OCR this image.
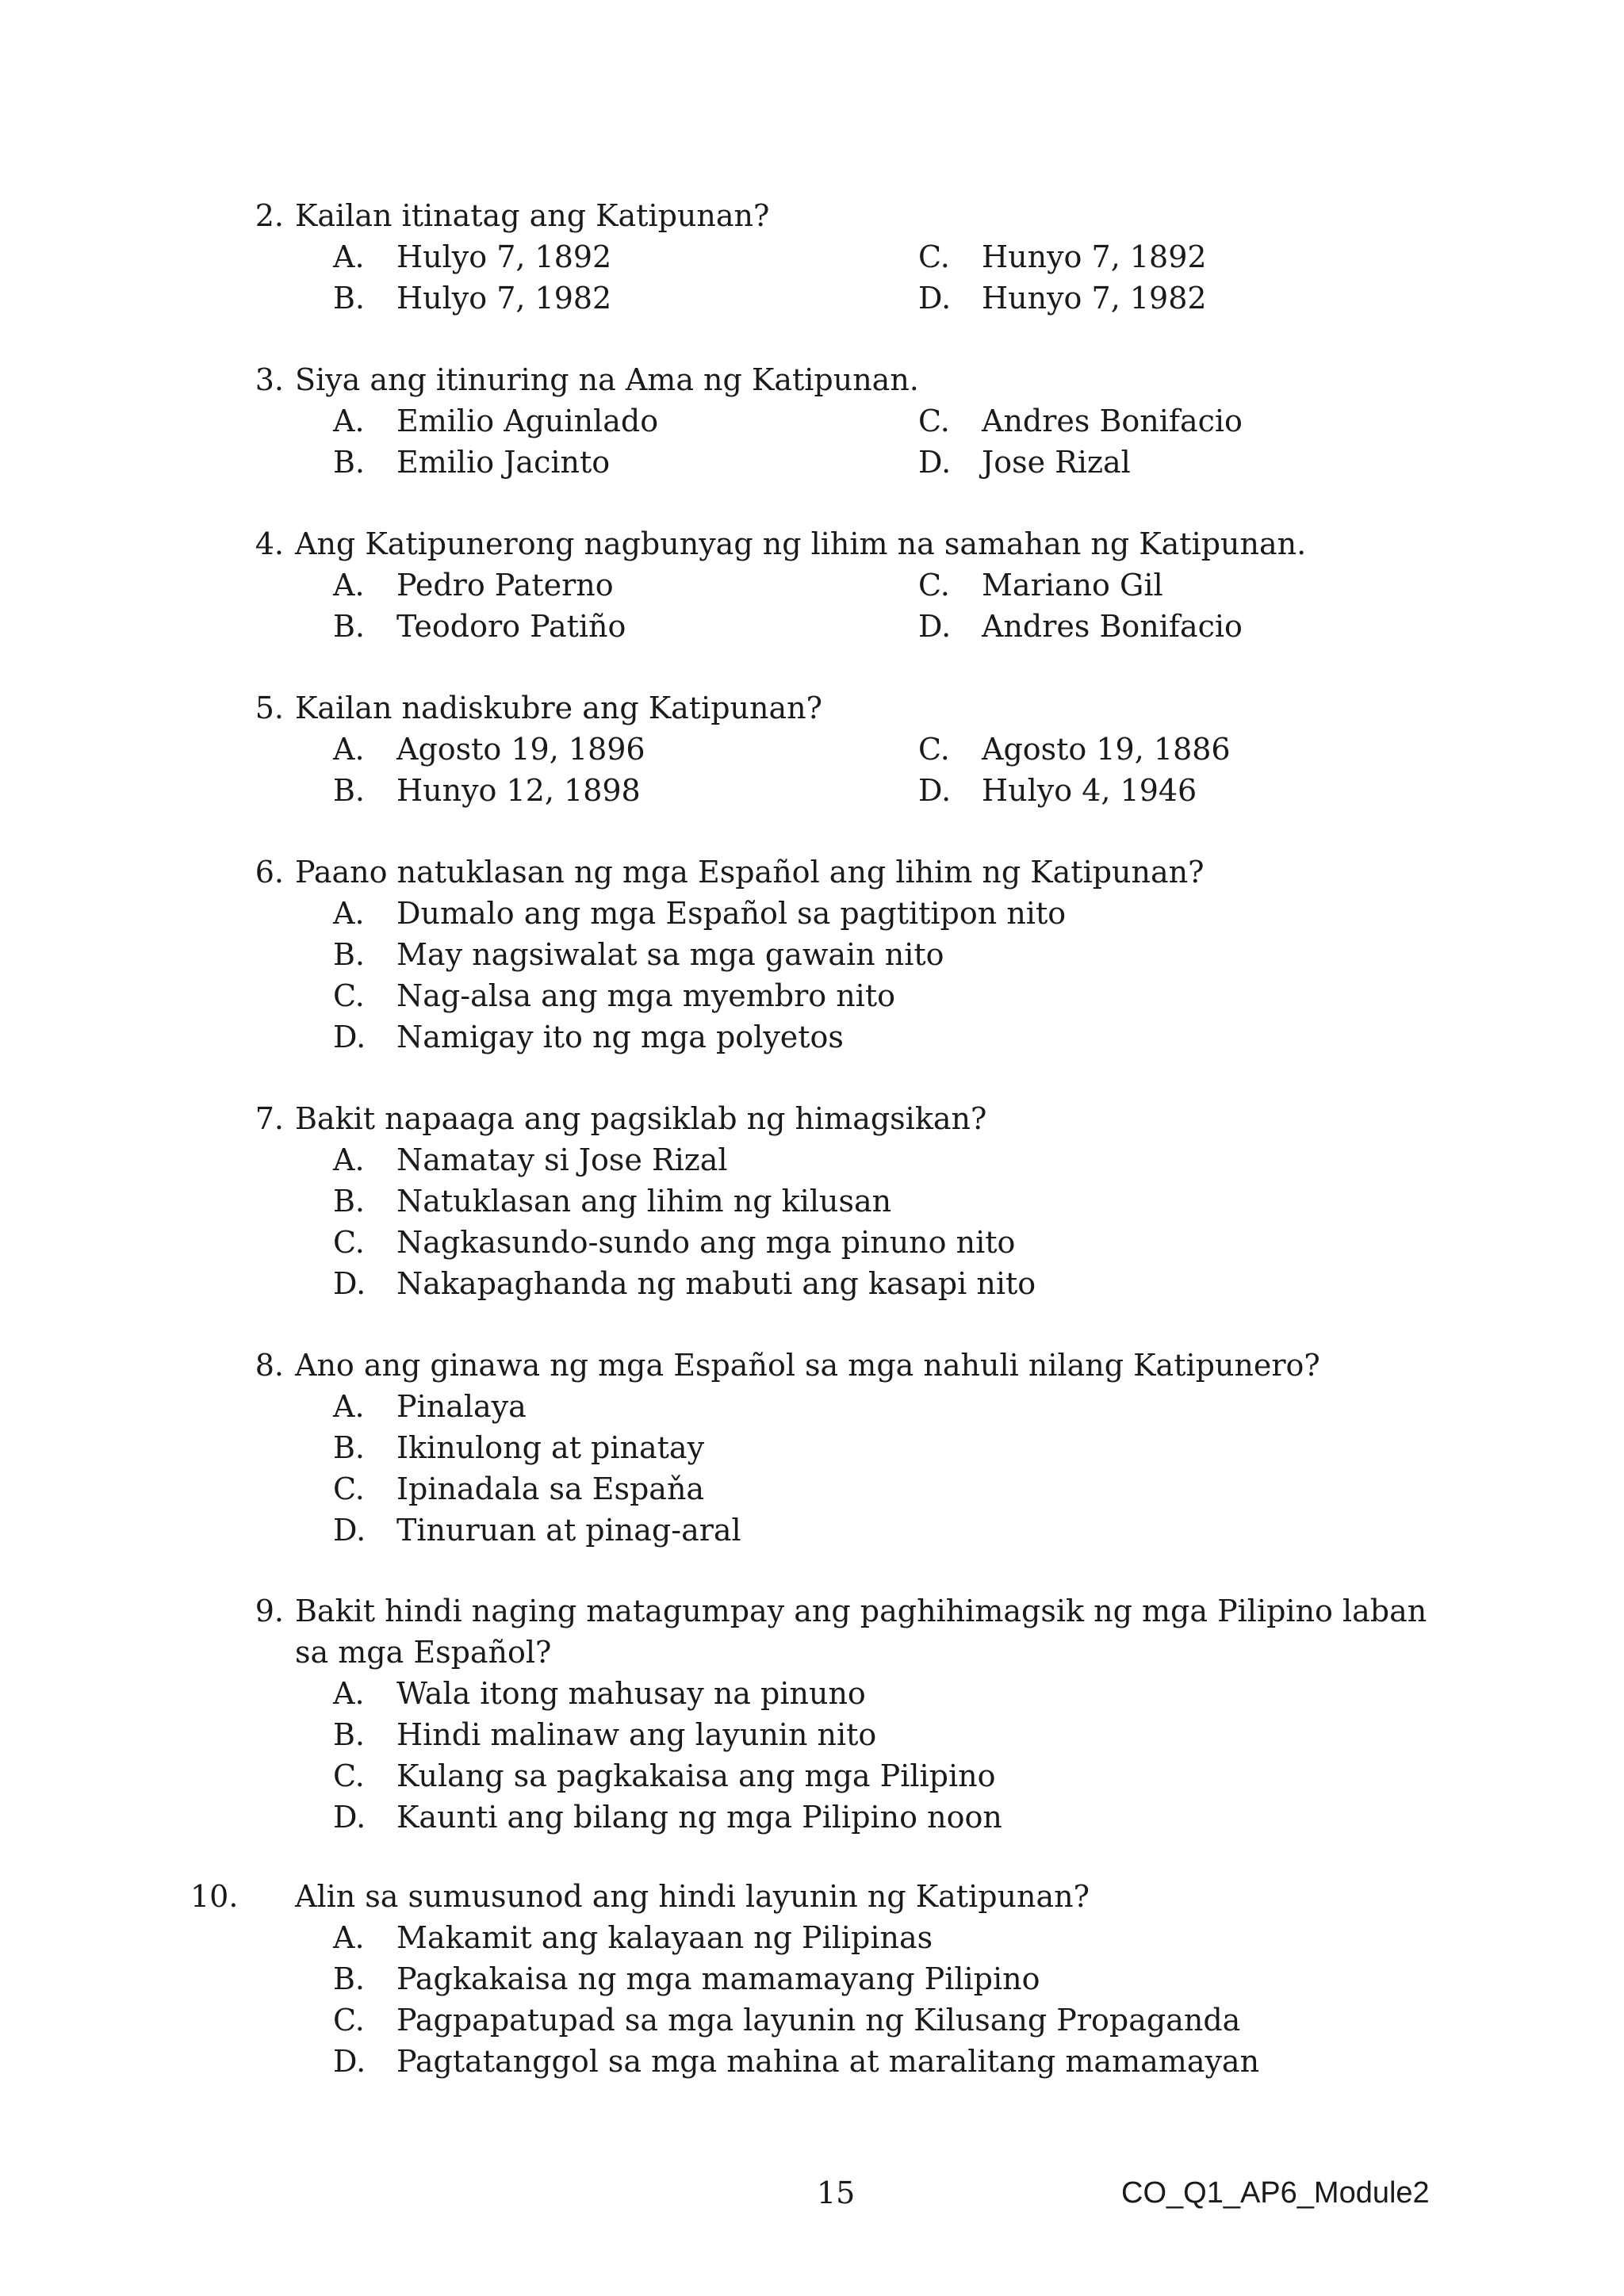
2. Kailan itinatag ang Katipunan?
A.	Hulyo 7, 1892
B.	Hulyo 7, 1982
C.	Hunyo 7, 1892
D.	Hunyo 7, 1982
3. Siya ang itinuring na Ama ng Katipunan.
A.	Emilio Aguinlado
B.	Emilio Jacinto
C.	Andres Bonifacio
D.	Jose Rizal
4. Ang Katipunerong nagbunyag ng lihim na samahan ng Katipunan.
A.	Pedro Paterno
B.	Teodoro Patiño
C.	Mariano Gil
D.	Andres Bonifacio
5. Kailan nadiskubre ang Katipunan?
A.	Agosto 19, 1896
B.	Hunyo 12, 1898
C.	Agosto 19, 1886
D.	Hulyo 4, 1946
6. Paano natuklasan ng mga Español ang lihim ng Katipunan?
A.	Dumalo ang mga Español sa pagtitipon nito
B.	May nagsiwalat sa mga gawain nito
C.	Nag-alsa ang mga myembro nito
D.	Namigay ito ng mga polyetos
7. Bakit napaaga ang pagsiklab ng himagsikan?
A.	Namatay si Jose Rizal
B.	Natuklasan ang lihim ng kilusan
C.	Nagkasundo-sundo ang mga pinuno nito
D.	Nakapaghanda ng mabuti ang kasapi nito
8. Ano ang ginawa ng mga Español sa mga nahuli nilang Katipunero?
A.	Pinalaya
B.	Ikinulong at pinatay
C.	Ipinadala sa Espaňa
D.	Tinuruan at pinag-aral
9. Bakit hindi naging matagumpay ang paghihimagsik ng mga Pilipino laban sa mga Español?
A.	Wala itong mahusay na pinuno
B.	Hindi malinaw ang layunin nito
C.	Kulang sa pagkakaisa ang mga Pilipino
D.	Kaunti ang bilang ng mga Pilipino noon
10.	Alin sa sumusunod ang hindi layunin ng Katipunan?
A.	Makamit ang kalayaan ng Pilipinas
B.	Pagkakaisa ng mga mamamayang Pilipino
C.	Pagpapatupad sa mga layunin ng Kilusang Propaganda
D.	Pagtatanggol sa mga mahina at maralitang mamamayan
15	CO_Q1_AP6_Module2
